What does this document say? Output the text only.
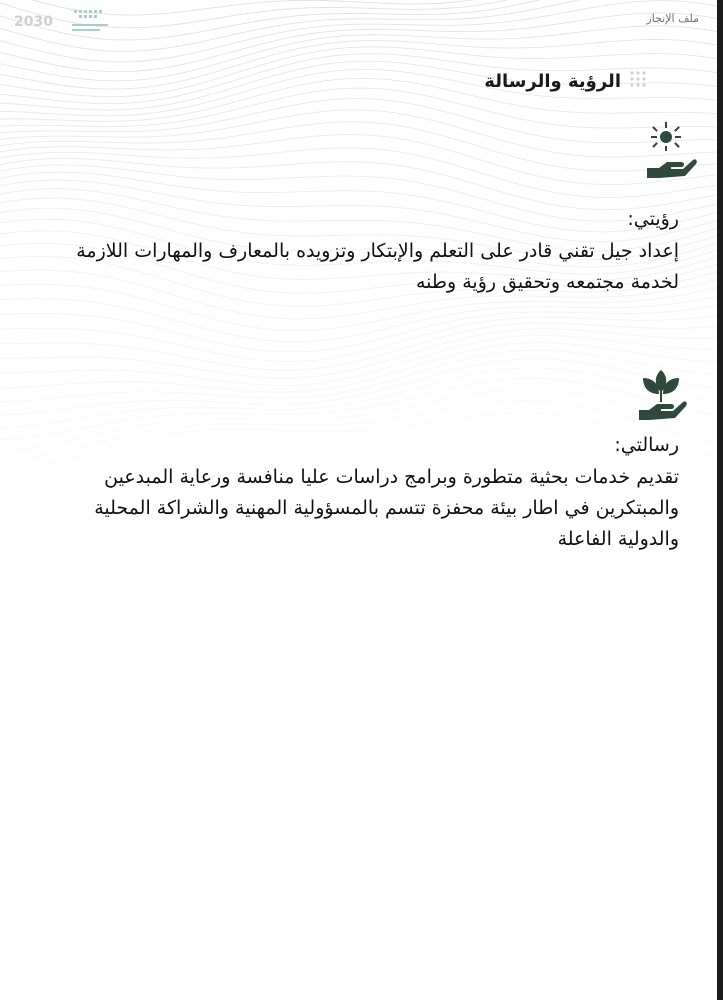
2030	ملف الإنجاز
الرؤية والرسالة
رؤيتي:
إعداد جيل تقني قادر على التعلم والإبتكار وتزويده بالمعارف والمهارات اللازمة لخدمة مجتمعه وتحقيق رؤية وطنه
رسالتي:
تقديم خدمات بحثية متطورة وبرامج دراسات عليا منافسة ورعاية المبدعين والمبتكرين في اطار بيئة محفزة تتسم بالمسؤولية المهنية والشراكة المحلية والدولية الفاعلة
